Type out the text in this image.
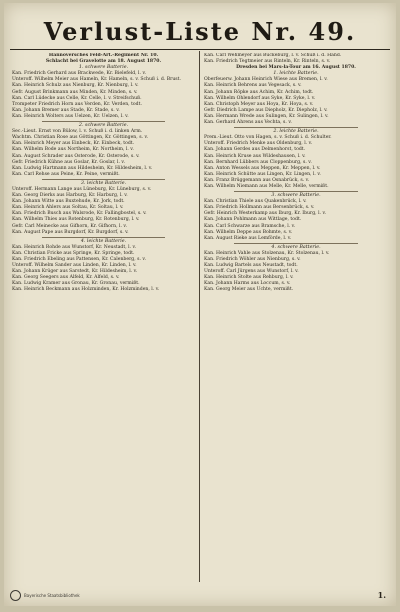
Verlust-Liste Nr. 49.
Hannoversches Feld-Art.-Regiment Nr. 10.
Schlacht bei Gravelotte am 18. August 1870.
1. schwere Batterie.
Kan. Friedrich Gerhard aus Brackwede, Kr. Bielefeld, l. v.
Unteroff. Wilhelm Meier aus Hameln, Kr. Hameln, s. v. Schuß i. d. Brust.
Kan. Heinrich Schulz aus Nienburg, Kr. Nienburg, l. v.
Gefr. August Brinkmann aus Minden, Kr. Minden, s. v.
Kan. Carl Lüdecke aus Celle, Kr. Celle, l. v. Streifschuß.
Trompeter Friedrich Horn aus Verden, Kr. Verden, todt.
Kan. Johann Bremer aus Stade, Kr. Stade, s. v.
Kan. Heinrich Wolters aus Uelzen, Kr. Uelzen, l. v.
2. schwere Batterie.
Sec.-Lieut. Ernst von Bülow, l. v. Schuß i. d. linken Arm.
Wachtm. Christian Rose aus Göttingen, Kr. Göttingen, s. v.
Kan. Heinrich Meyer aus Einbeck, Kr. Einbeck, todt.
Kan. Wilhelm Bode aus Northeim, Kr. Northeim, l. v.
Kan. August Schrader aus Osterode, Kr. Osterode, s. v.
Gefr. Friedrich Kühne aus Goslar, Kr. Goslar, l. v.
Kan. Ludwig Hartmann aus Hildesheim, Kr. Hildesheim, l. v.
Kan. Carl Rehse aus Peine, Kr. Peine, vermißt.
3. leichte Batterie.
Unteroff. Hermann Lange aus Lüneburg, Kr. Lüneburg, s. v.
Kan. Georg Dierks aus Harburg, Kr. Harburg, l. v.
Kan. Johann Witte aus Buxtehude, Kr. Jork, todt.
Kan. Heinrich Ahlers aus Soltau, Kr. Soltau, l. v.
Kan. Friedrich Busch aus Walsrode, Kr. Fallingbostel, s. v.
Kan. Wilhelm Thies aus Rotenburg, Kr. Rotenburg, l. v.
Gefr. Carl Meinecke aus Gifhorn, Kr. Gifhorn, l. v.
Kan. August Pape aus Burgdorf, Kr. Burgdorf, s. v.
4. leichte Batterie.
Kan. Heinrich Rohde aus Wunstorf, Kr. Neustadt, l. v.
Kan. Christian Fricke aus Springe, Kr. Springe, todt.
Kan. Friedrich Ebeling aus Pattensen, Kr. Calenberg, s. v.
Unteroff. Wilhelm Sander aus Linden, Kr. Linden, l. v.
Kan. Johann Krüger aus Sarstedt, Kr. Hildesheim, l. v.
Kan. Georg Seegers aus Alfeld, Kr. Alfeld, s. v.
Kan. Ludwig Kramer aus Gronau, Kr. Gronau, vermißt.
Kan. Heinrich Beckmann aus Holzminden, Kr. Holzminden, l. v.
Kan. Carl Wehmeyer aus Bückeburg, l. v. Schuß i. d. Hand.
Kan. Friedrich Tegtmeier aus Rinteln, Kr. Rinteln, s. v.
Dresden bei Mars-la-Tour am 16. August 1870.
1. leichte Batterie.
Oberfeuerw. Johann Heinrich Wiese aus Bremen, l. v.
Kan. Heinrich Behrens aus Vegesack, s. v.
Kan. Johann Röpke aus Achim, Kr. Achim, todt.
Kan. Wilhelm Ohlendorf aus Syke, Kr. Syke, l. v.
Kan. Christoph Meyer aus Hoya, Kr. Hoya, s. v.
Gefr. Diedrich Lampe aus Diepholz, Kr. Diepholz, l. v.
Kan. Hermann Wrede aus Sulingen, Kr. Sulingen, l. v.
Kan. Gerhard Ahrens aus Vechta, s. v.
2. leichte Batterie.
Prem.-Lieut. Otto von Hagen, s. v. Schuß i. d. Schulter.
Unteroff. Friedrich Menke aus Oldenburg, l. v.
Kan. Johann Gerdes aus Delmenhorst, todt.
Kan. Heinrich Kruse aus Wildeshausen, l. v.
Kan. Bernhard Lübbers aus Cloppenburg, s. v.
Kan. Anton Wessels aus Meppen, Kr. Meppen, l. v.
Kan. Heinrich Schütte aus Lingen, Kr. Lingen, l. v.
Kan. Franz Brüggemann aus Osnabrück, s. v.
Kan. Wilhelm Niemann aus Melle, Kr. Melle, vermißt.
3. schwere Batterie.
Kan. Christian Thiele aus Quakenbrück, l. v.
Kan. Friedrich Hollmann aus Bersenbrück, s. v.
Gefr. Heinrich Westerkamp aus Iburg, Kr. Iburg, l. v.
Kan. Johann Pohlmann aus Wittlage, todt.
Kan. Carl Schwarze aus Bramsche, l. v.
Kan. Wilhelm Deppe aus Bohmte, s. v.
Kan. August Rieke aus Lemförde, l. v.
4. schwere Batterie.
Kan. Heinrich Vahle aus Stolzenau, Kr. Stolzenau, l. v.
Kan. Friedrich Wöhler aus Nienburg, s. v.
Kan. Ludwig Bartels aus Neustadt, todt.
Unteroff. Carl Jürgens aus Wunstorf, l. v.
Kan. Heinrich Stolte aus Rehburg, l. v.
Kan. Johann Harms aus Loccum, s. v.
Kan. Georg Meier aus Uchte, vermißt.
Bayerische Staatsbibliothek	1.
